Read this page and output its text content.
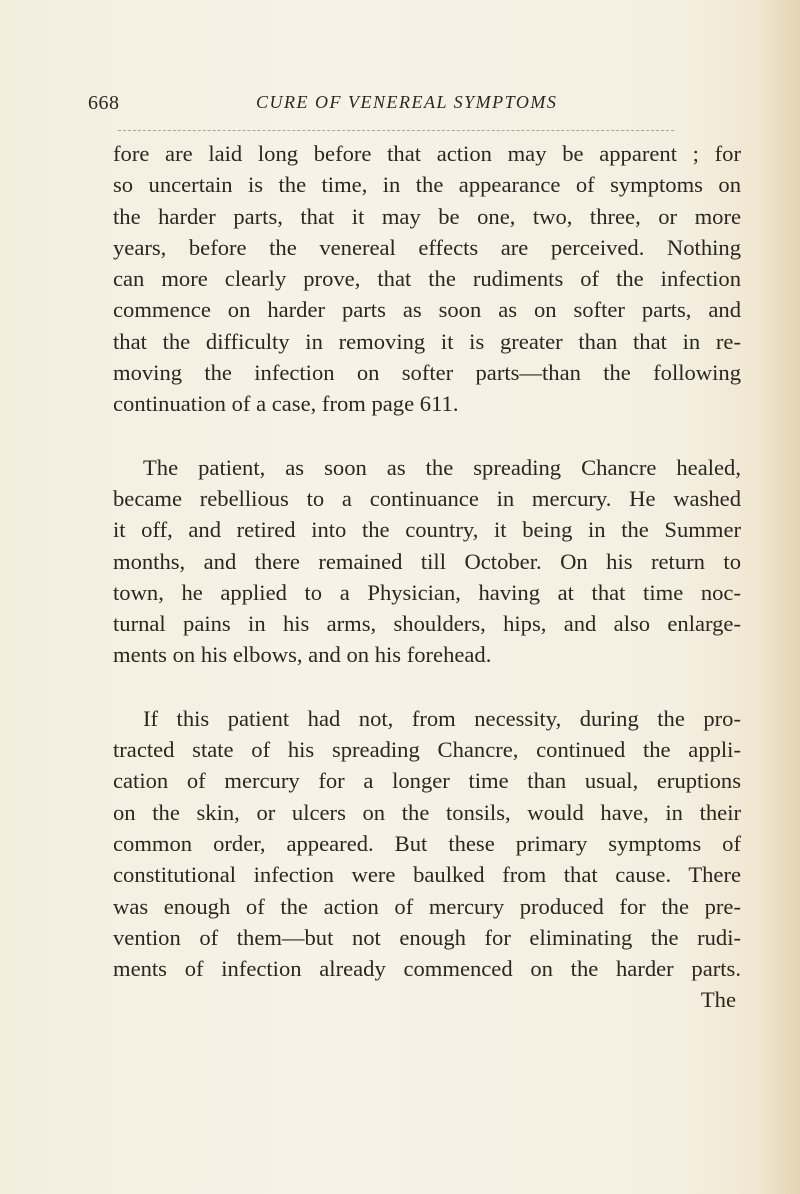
668	CURE OF VENEREAL SYMPTOMS
fore are laid long before that action may be apparent ; for
so uncertain is the time, in the appearance of symptoms on
the harder parts, that it may be one, two, three, or more
years, before the venereal effects are perceived. Nothing
can more clearly prove, that the rudiments of the infection
commence on harder parts as soon as on softer parts, and
that the difficulty in removing it is greater than that in re-
moving the infection on softer parts—than the following
continuation of a case, from page 611.
The patient, as soon as the spreading Chancre healed,
became rebellious to a continuance in mercury. He washed
it off, and retired into the country, it being in the Summer
months, and there remained till October. On his return to
town, he applied to a Physician, having at that time noc-
turnal pains in his arms, shoulders, hips, and also enlarge-
ments on his elbows, and on his forehead.
If this patient had not, from necessity, during the pro-
tracted state of his spreading Chancre, continued the appli-
cation of mercury for a longer time than usual, eruptions
on the skin, or ulcers on the tonsils, would have, in their
common order, appeared. But these primary symptoms of
constitutional infection were baulked from that cause. There
was enough of the action of mercury produced for the pre-
vention of them—but not enough for eliminating the rudi-
ments of infection already commenced on the harder parts.
The
